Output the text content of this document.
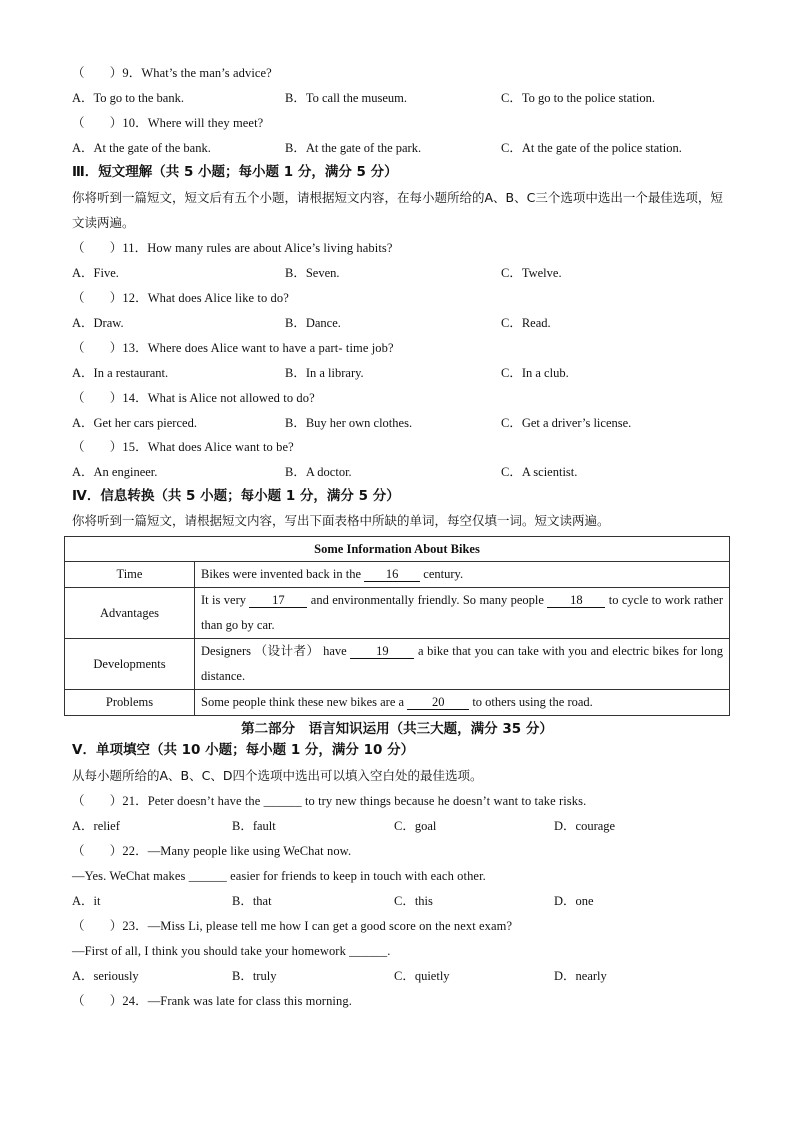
（　　）9．What’s the man’s advice?
A．To go to the bank.	B．To call the museum.	C．To go to the police station.
（　　）10．Where will they meet?
A．At the gate of the bank.	B．At the gate of the park.	C．At the gate of the police station.
Ⅲ．短文理解（共 5 小题；每小题 1 分，满分 5 分）
你将听到一篇短文，短文后有五个小题，请根据短文内容，在每小题所给的A、B、C三个选项中选出一个最佳选项，短文读两遍。
（　　）11．How many rules are about Alice’s living habits?
A．Five.	B．Seven.	C．Twelve.
（　　）12．What does Alice like to do?
A．Draw.	B．Dance.	C．Read.
（　　）13．Where does Alice want to have a part- time job?
A．In a restaurant.	B．In a library.	C．In a club.
（　　）14．What is Alice not allowed to do?
A．Get her cars pierced.	B．Buy her own clothes.	C．Get a driver’s license.
（　　）15．What does Alice want to be?
A．An engineer.	B．A doctor.	C．A scientist.
Ⅳ．信息转换（共 5 小题；每小题 1 分，满分 5 分）
你将听到一篇短文，请根据短文内容，写出下面表格中所缺的单词，每空仅填一词。短文读两遍。
Some Information About Bikes	
Time	Bikes were invented back in the 16 century.
Advantages	It is very 17 and environmentally friendly. So many people 18 to cycle to work rather than go by car.
Developments	Designers （设计者） have 19 a bike that you can take with you and electric bikes for long distance.
Problems	Some people think these new bikes are a 20 to others using the road.
第二部分　语言知识运用（共三大题，满分 35 分）
Ⅴ．单项填空（共 10 小题；每小题 1 分，满分 10 分）
从每小题所给的A、B、C、D四个选项中选出可以填入空白处的最佳选项。
（　　）21．Peter doesn’t have the ______ to try new things because he doesn’t want to take risks.
A．relief	B．fault	C．goal	D．courage
（　　）22．—Many people like using WeChat now.
—Yes. WeChat makes ______ easier for friends to keep in touch with each other.
A．it	B．that	C．this	D．one
（　　）23．—Miss Li, please tell me how I can get a good score on the next exam?
—First of all, I think you should take your homework ______.
A．seriously	B．truly	C．quietly	D．nearly
（　　）24．—Frank was late for class this morning.
